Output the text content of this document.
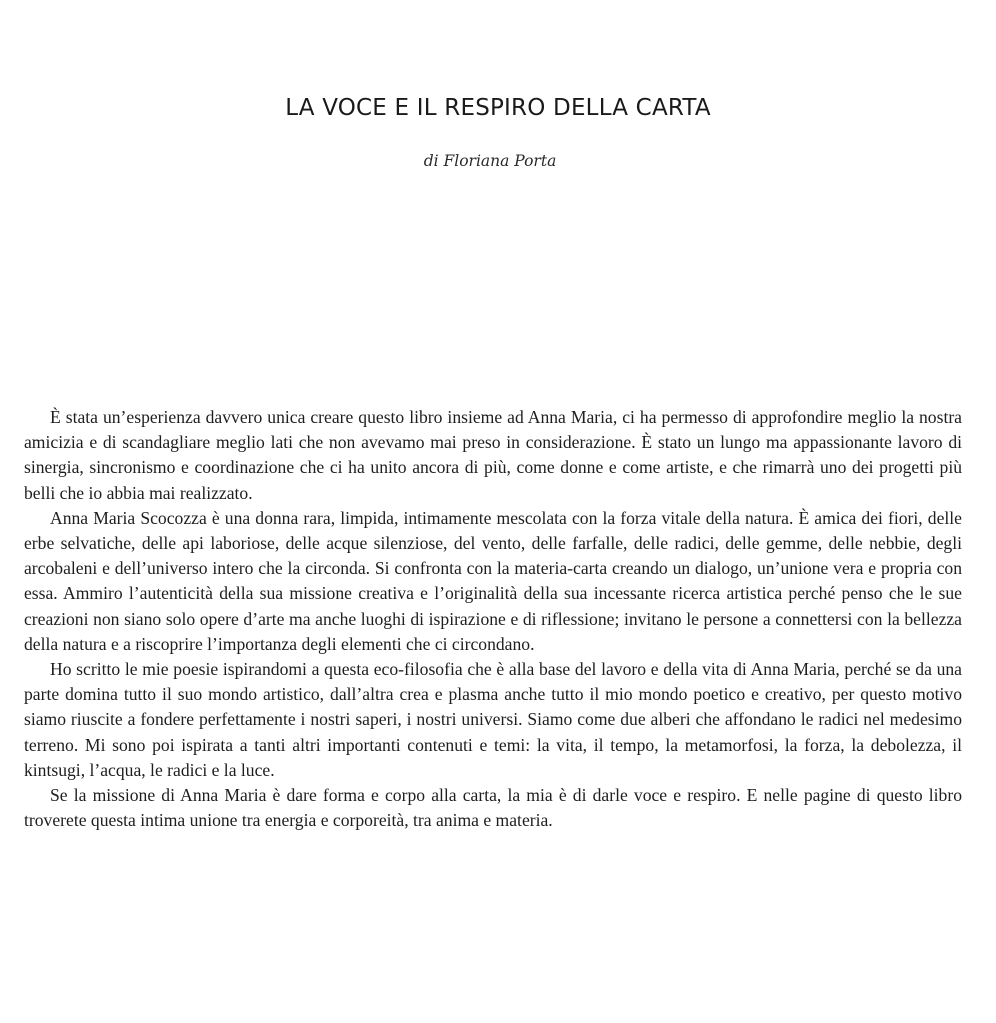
LA VOCE E IL RESPIRO DELLA CARTA

di Floriana Porta

È stata un’esperienza davvero unica creare questo libro insieme ad Anna Maria, ci ha permesso di approfondire meglio la nostra amicizia e di scandagliare meglio lati che non avevamo mai preso in considerazione. È stato un lungo ma appassionante lavoro di sinergia, sincronismo e coordinazione che ci ha unito ancora di più, come donne e come artiste, e che rimarrà uno dei progetti più belli che io abbia mai realizzato.

Anna Maria Scocozza è una donna rara, limpida, intimamente mescolata con la forza vitale della natura. È amica dei fiori, delle erbe selvatiche, delle api laboriose, delle acque silenziose, del vento, delle farfalle, delle radici, delle gemme, delle nebbie, degli arcobaleni e dell’universo intero che la circonda. Si confronta con la materia-carta creando un dialogo, un’unione vera e propria con essa. Ammiro l’autenticità della sua missione creativa e l’originalità della sua incessante ricerca artistica perché penso che le sue creazioni non siano solo opere d’arte ma anche luoghi di ispirazione e di riflessione; invitano le persone a connettersi con la bellezza della natura e a riscoprire l’importanza degli elementi che ci circondano.

Ho scritto le mie poesie ispirandomi a questa eco-filosofia che è alla base del lavoro e della vita di Anna Maria, perché se da una parte domina tutto il suo mondo artistico, dall’altra crea e plasma anche tutto il mio mondo poetico e creativo, per questo motivo siamo riuscite a fondere perfettamente i nostri saperi, i nostri universi. Siamo come due alberi che affondano le radici nel medesimo terreno. Mi sono poi ispirata a tanti altri importanti contenuti e temi: la vita, il tempo, la metamorfosi, la forza, la debolezza, il kintsugi, l’acqua, le radici e la luce.

Se la missione di Anna Maria è dare forma e corpo alla carta, la mia è di darle voce e respiro. E nelle pagine di questo libro troverete questa intima unione tra energia e corporeità, tra anima e materia.
